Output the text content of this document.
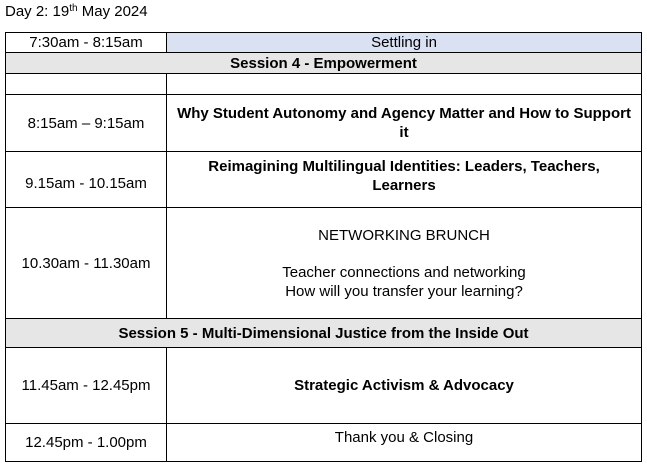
Day 2: 19th May 2024
7:30am - 8:15am	Settling in
Session 4 - Empowerment	

8:15am – 9:15am	Why Student Autonomy and Agency Matter and How to Support it
9.15am - 10.15am	Reimagining Multilingual Identities: Leaders, Teachers, Learners
10.30am - 11.30am	NETWORKING BRUNCH
Teacher connections and networking
How will you transfer your learning?

Session 5 - Multi-Dimensional Justice from the Inside Out	
11.45am - 12.45pm	Strategic Activism & Advocacy
12.45pm - 1.00pm	Thank you & Closing
